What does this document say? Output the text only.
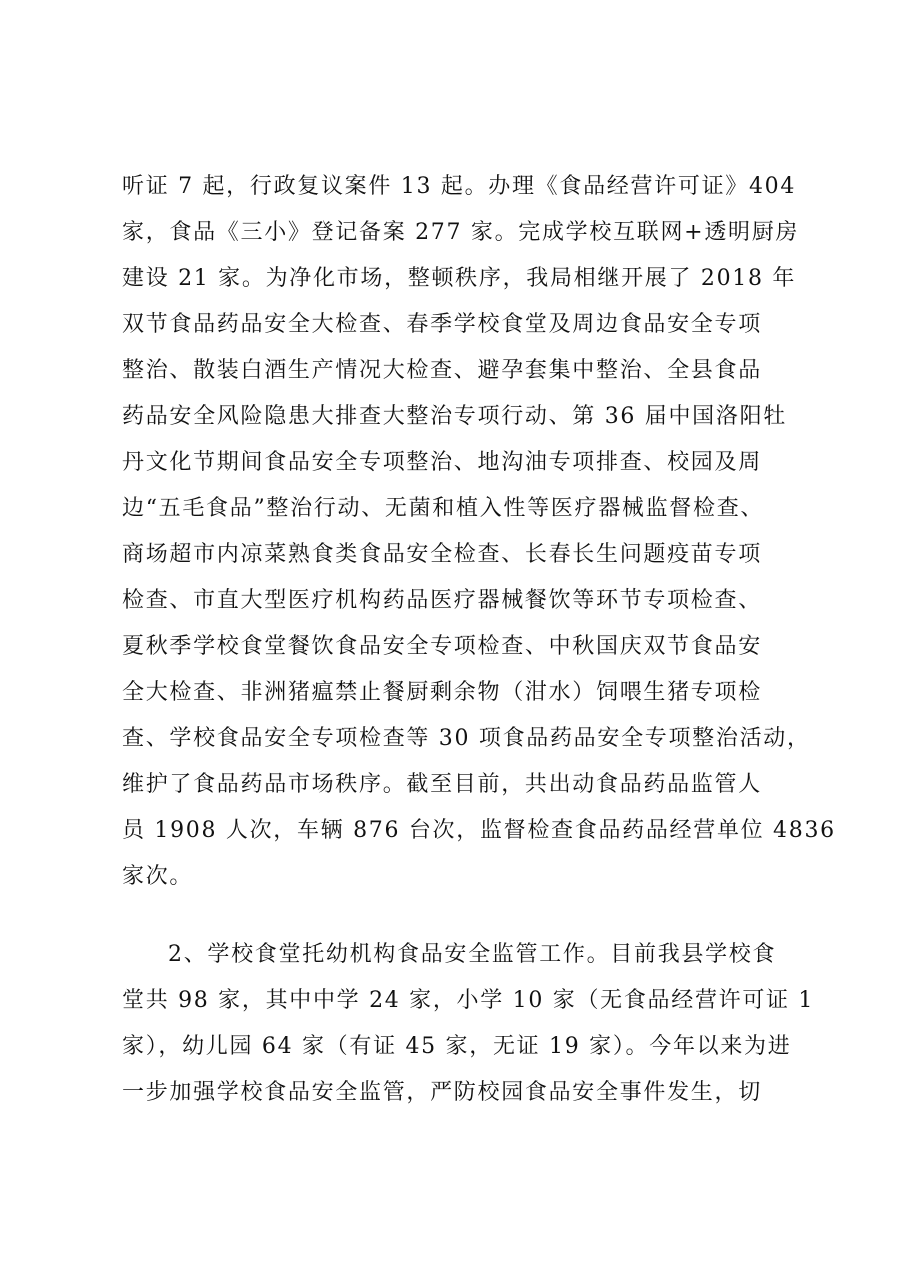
听证 7 起，行政复议案件 13 起。办理《食品经营许可证》404
家，食品《三小》登记备案 277 家。完成学校互联网+透明厨房
建设 21 家。为净化市场，整顿秩序，我局相继开展了 2018 年
双节食品药品安全大检查、春季学校食堂及周边食品安全专项
整治、散装白酒生产情况大检查、避孕套集中整治、全县食品
药品安全风险隐患大排查大整治专项行动、第 36 届中国洛阳牡
丹文化节期间食品安全专项整治、地沟油专项排查、校园及周
边“五毛食品”整治行动、无菌和植入性等医疗器械监督检查、
商场超市内凉菜熟食类食品安全检查、长春长生问题疫苗专项
检查、市直大型医疗机构药品医疗器械餐饮等环节专项检查、
夏秋季学校食堂餐饮食品安全专项检查、中秋国庆双节食品安
全大检查、非洲猪瘟禁止餐厨剩余物（泔水）饲喂生猪专项检
查、学校食品安全专项检查等 30 项食品药品安全专项整治活动，
维护了食品药品市场秩序。截至目前，共出动食品药品监管人
员 1908 人次，车辆 876 台次，监督检查食品药品经营单位 4836
家次。
2、学校食堂托幼机构食品安全监管工作。目前我县学校食
堂共 98 家，其中中学 24 家，小学 10 家（无食品经营许可证 1
家），幼儿园 64 家（有证 45 家，无证 19 家）。今年以来为进
一步加强学校食品安全监管，严防校园食品安全事件发生，切
